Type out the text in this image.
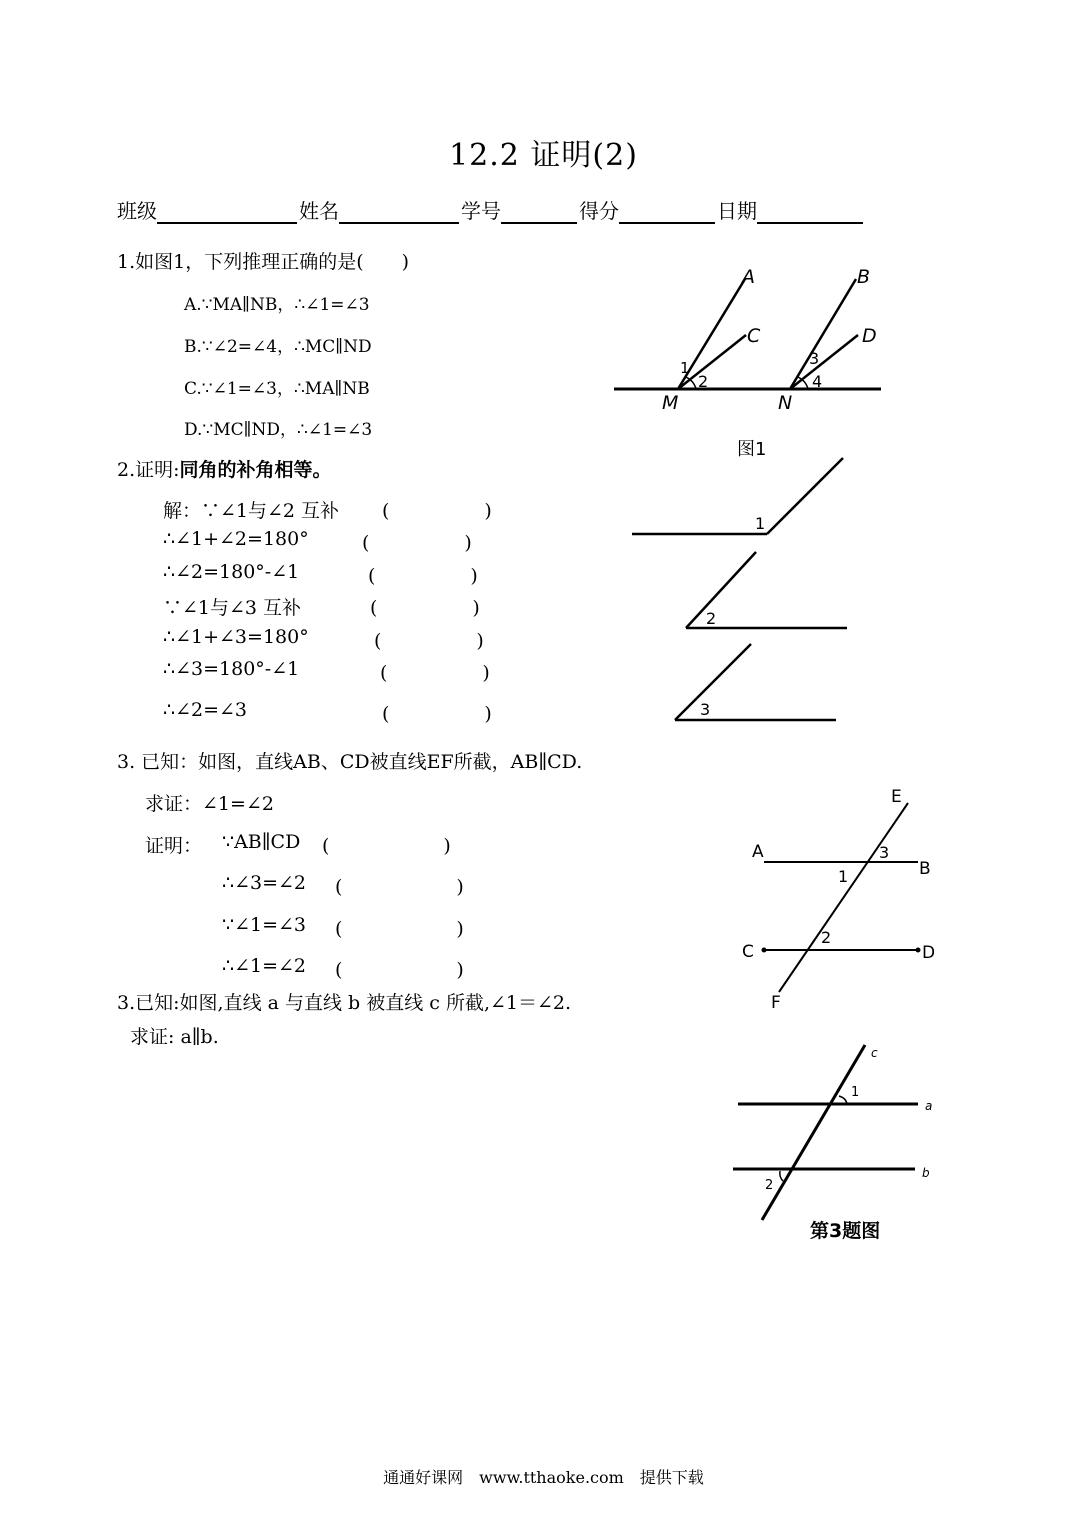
12.2 证明(2)
班级	姓名	学号	得分	日期
1.如图1，下列推理正确的是(　　)
A.∵MA∥NB，∴∠1=∠3
B.∵∠2=∠4，∴MC∥ND
C.∵∠1=∠3，∴MA∥NB
D.∵MC∥ND，∴∠1=∠3
A	B
C	D
M	N
1
2
3
4
图1
2.证明:同角的补角相等。
解：∵∠1与∠2 互补 (　　　　　)
∴∠1+∠2=180°	(　　　　　)
∴∠2=180°-∠1	(　　　　　)
∵∠1与∠3 互补	(　　　　　)
∴∠1+∠3=180°	(　　　　　)
∴∠3=180°-∠1	(　　　　　)
∴∠2=∠3	(　　　　　)
1
2
3
3. 已知：如图，直线AB、CD被直线EF所截，AB∥CD.
求证：∠1=∠2
证明： ∵AB∥CD (　　　　　　)
∴∠3=∠2 (　　　　　　)
∵∠1=∠3 (　　　　　　)
∴∠1=∠2 (　　　　　　)
A
B
C	D
E
F
1
2
3
3.已知:如图,直线 a 与直线 b 被直线 c 所截,∠1＝∠2.
求证: a∥b.
c
a
b
1
2
第3题图
通通好课网　www.tthaoke.com　提供下载
